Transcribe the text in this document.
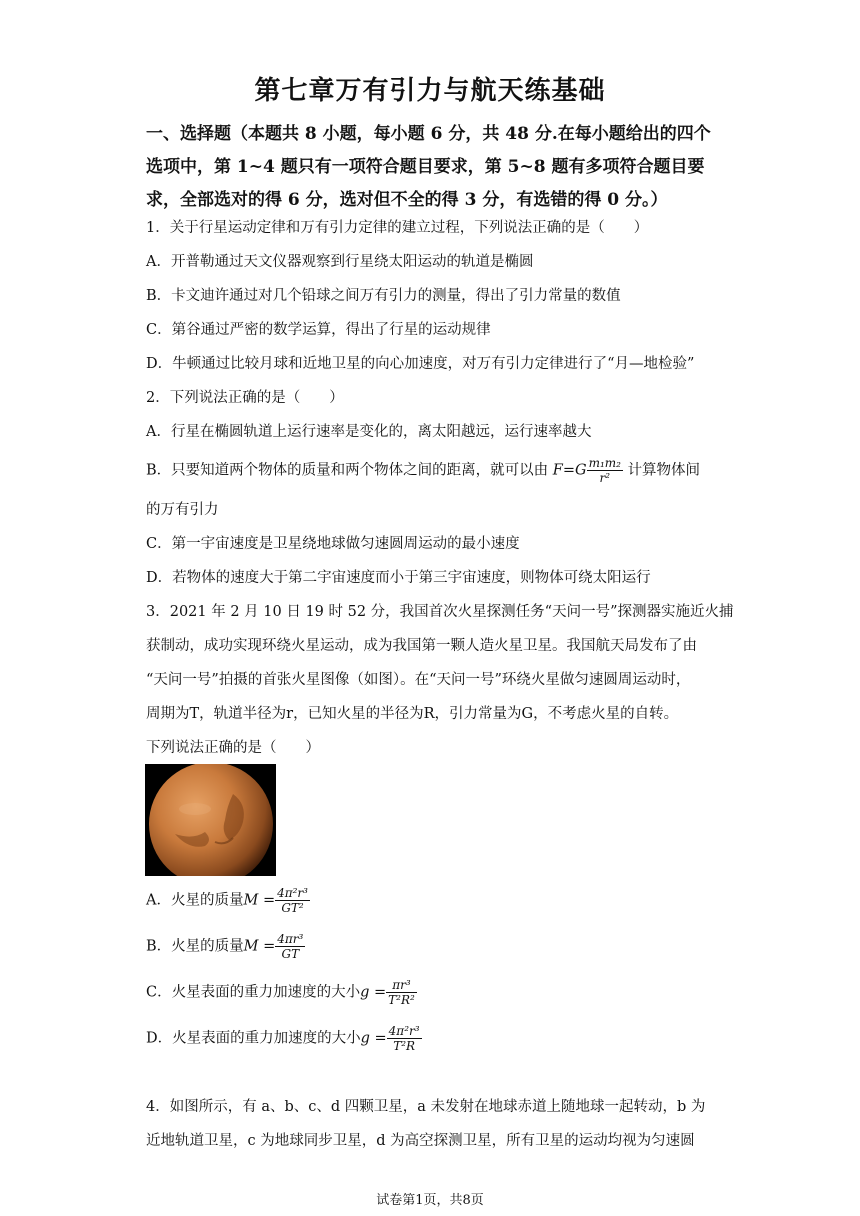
第七章万有引力与航天练基础
一、选择题（本题共 8 小题，每小题 6 分，共 48 分.在每小题给出的四个选项中，第 1~4 题只有一项符合题目要求，第 5~8 题有多项符合题目要求，全部选对的得 6 分，选对但不全的得 3 分，有选错的得 0 分。）
1．关于行星运动定律和万有引力定律的建立过程，下列说法正确的是（　　）
A．开普勒通过天文仪器观察到行星绕太阳运动的轨道是椭圆
B．卡文迪许通过对几个铅球之间万有引力的测量，得出了引力常量的数值
C．第谷通过严密的数学运算，得出了行星的运动规律
D．牛顿通过比较月球和近地卫星的向心加速度，对万有引力定律进行了“月—地检验”
2．下列说法正确的是（　　）
A．行星在椭圆轨道上运行速率是变化的，离太阳越远，运行速率越大
B．只要知道两个物体的质量和两个物体之间的距离，就可以由 $F=G \frac{\text{m₁m₂}}{\text{r²}}$ 计算物体间
的万有引力
C．第一宇宙速度是卫星绕地球做匀速圆周运动的最小速度
D．若物体的速度大于第二宇宙速度而小于第三宇宙速度，则物体可绕太阳运行
3．2021 年 2 月 10 日 19 时 52 分，我国首次火星探测任务“天问一号”探测器实施近火捕
获制动，成功实现环绕火星运动，成为我国第一颗人造火星卫星。我国航天局发布了由
“天问一号”拍摄的首张火星图像（如图）。在“天问一号”环绕火星做匀速圆周运动时，
周期为T，轨道半径为r，已知火星的半径为R，引力常量为G，不考虑火星的自转。
下列说法正确的是（　　）
A．火星的质量$M = \frac{\text{4π²r³}}{\text{GT²}}$
B．火星的质量$M = \frac{\text{4πr³}}{GT}$
C．火星表面的重力加速度的大小$g = \frac{\text{πr³}}{\text{T²R²}}$
D．火星表面的重力加速度的大小$g = \frac{\text{4π²r³}}{\text{T²R}}$
4．如图所示，有 a、b、c、d 四颗卫星，a 未发射在地球赤道上随地球一起转动，b 为
近地轨道卫星，c 为地球同步卫星，d 为高空探测卫星，所有卫星的运动均视为匀速圆
试卷第1页，共8页
